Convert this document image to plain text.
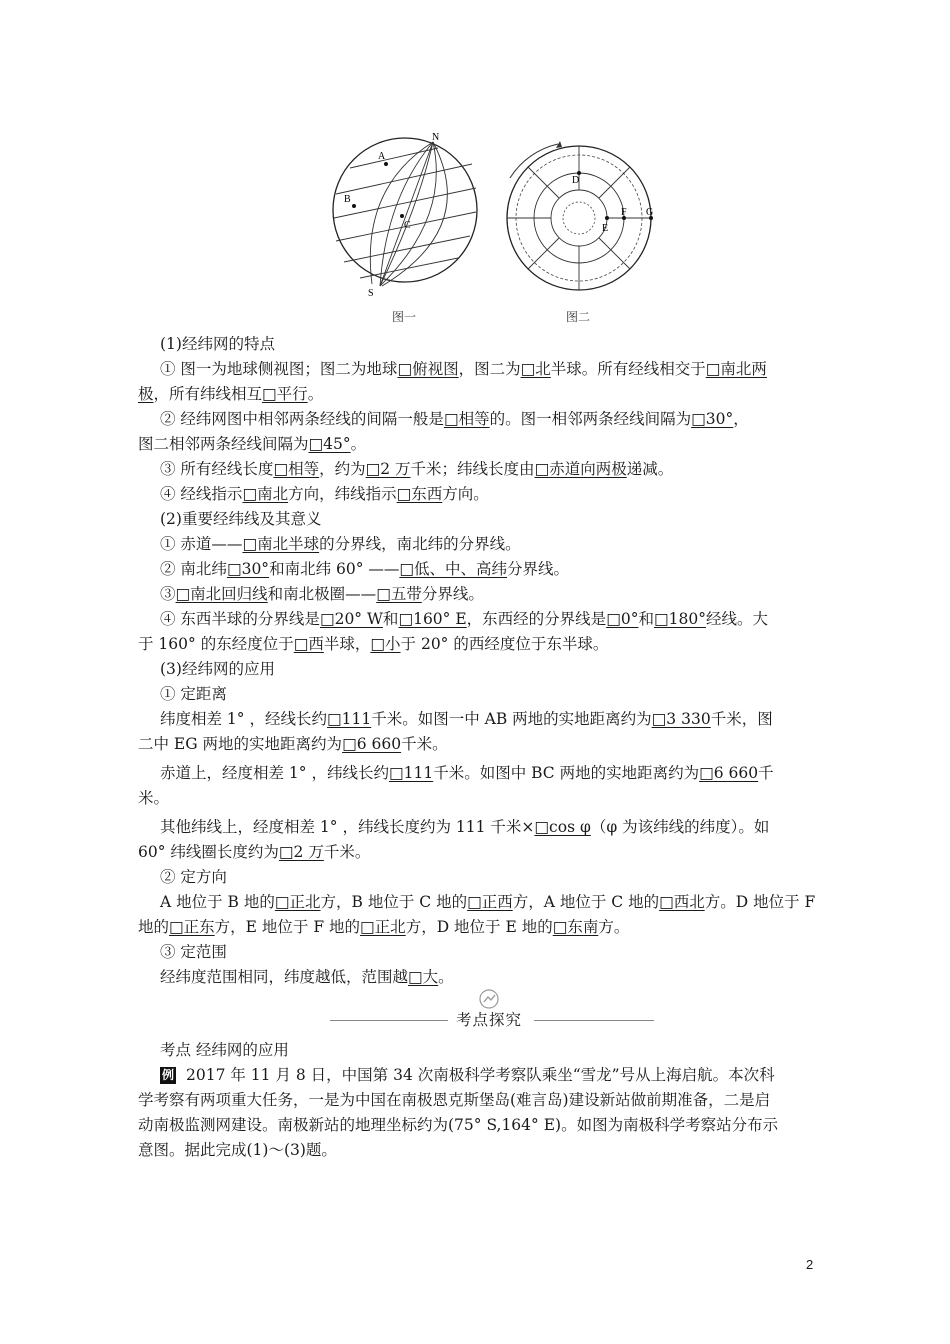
N
S
A
B
C
D
E
F G
图一	图二
(1)经纬网的特点
① 图一为地球侧视图；图二为地球□俯视图，图二为□北半球。所有经线相交于□南北两
极，所有纬线相互□平行。
② 经纬网图中相邻两条经线的间隔一般是□相等的。图一相邻两条经线间隔为□30°，
图二相邻两条经线间隔为□45°。
③ 所有经线长度□相等，约为□2 万千米；纬线长度由□赤道向两极递减。
④ 经线指示□南北方向，纬线指示□东西方向。
(2)重要经纬线及其意义
① 赤道——□南北半球的分界线，南北纬的分界线。
② 南北纬□30°和南北纬 60° ——□低、中、高纬分界线。
③□南北回归线和南北极圈——□五带分界线。
④ 东西半球的分界线是□20° W和□160° E，东西经的分界线是□0°和□180°经线。大
于 160° 的东经度位于□西半球，□小于 20° 的西经度位于东半球。
(3)经纬网的应用
① 定距离
纬度相差 1° ，经线长约□111千米。如图一中 AB 两地的实地距离约为□3 330千米，图
二中 EG 两地的实地距离约为□6 660千米。
赤道上，经度相差 1° ，纬线长约□111千米。如图中 BC 两地的实地距离约为□6 660千
米。
其他纬线上，经度相差 1° ，纬线长度约为 111 千米×□cos φ（φ 为该纬线的纬度）。如
60° 纬线圈长度约为□2 万千米。
② 定方向
A 地位于 B 地的□正北方，B 地位于 C 地的□正西方，A 地位于 C 地的□西北方。D 地位于 F
地的□正东方，E 地位于 F 地的□正北方，D 地位于 E 地的□东南方。
③ 定范围
经纬度范围相同，纬度越低，范围越□大。
考点探究
考点 经纬网的应用
例 2017 年 11 月 8 日，中国第 34 次南极科学考察队乘坐“雪龙”号从上海启航。本次科
学考察有两项重大任务，一是为中国在南极恩克斯堡岛(难言岛)建设新站做前期准备，二是启
动南极监测网建设。南极新站的地理坐标约为(75° S,164° E)。如图为南极科学考察站分布示
意图。据此完成(1)～(3)题。
2
